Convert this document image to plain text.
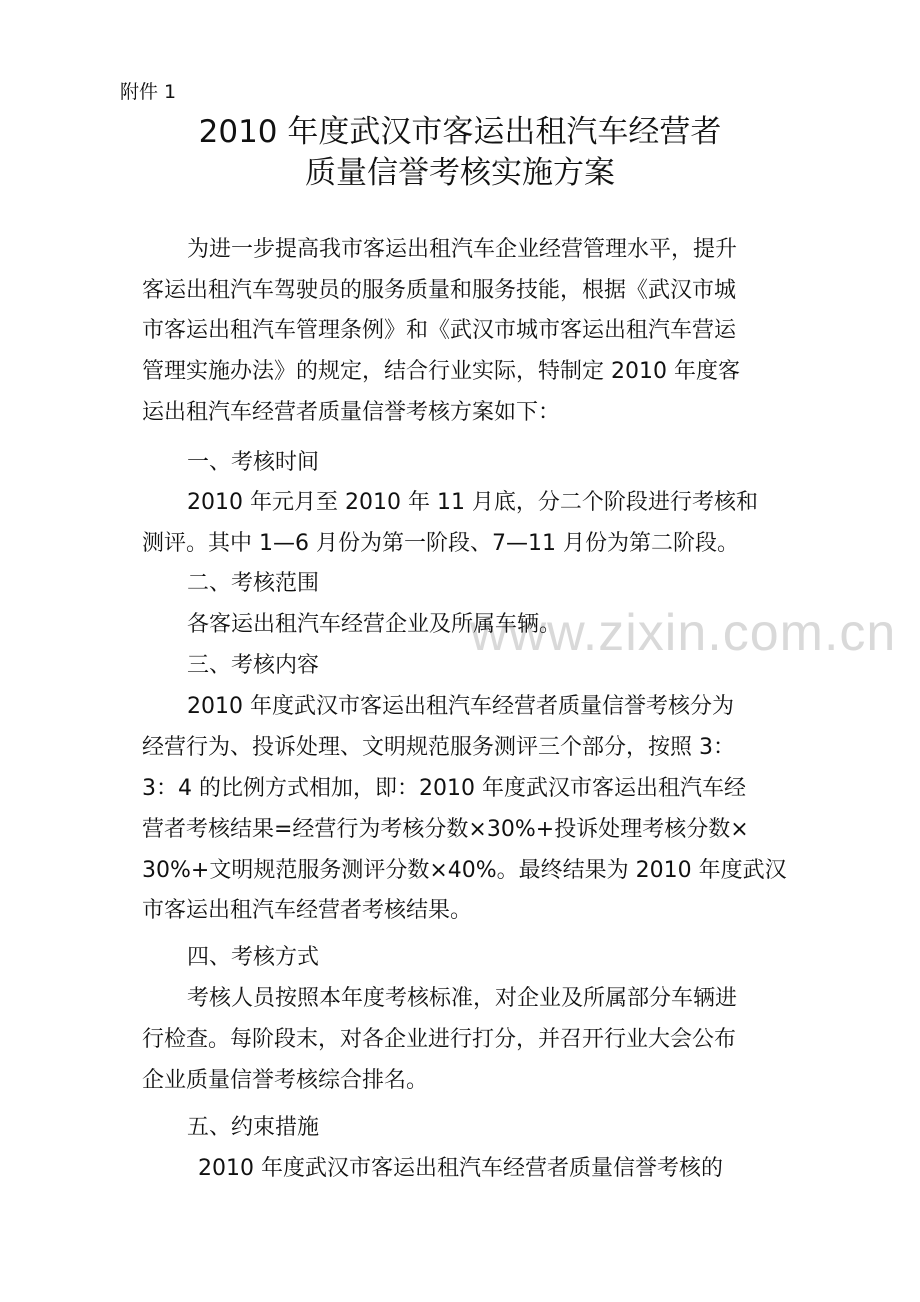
附件 1
2010 年度武汉市客运出租汽车经营者
质量信誉考核实施方案
www.zixin.com.cn
为进一步提高我市客运出租汽车企业经营管理水平，提升
客运出租汽车驾驶员的服务质量和服务技能，根据《武汉市城
市客运出租汽车管理条例》和《武汉市城市客运出租汽车营运
管理实施办法》的规定，结合行业实际，特制定 2010 年度客
运出租汽车经营者质量信誉考核方案如下：
一、考核时间
2010 年元月至 2010 年 11 月底，分二个阶段进行考核和
测评。其中 1—6 月份为第一阶段、7—11 月份为第二阶段。
二、考核范围
各客运出租汽车经营企业及所属车辆。
三、考核内容
2010 年度武汉市客运出租汽车经营者质量信誉考核分为
经营行为、投诉处理、文明规范服务测评三个部分，按照 3：
3：4 的比例方式相加，即：2010 年度武汉市客运出租汽车经
营者考核结果=经营行为考核分数×30%+投诉处理考核分数×
30%+文明规范服务测评分数×40%。最终结果为 2010 年度武汉
市客运出租汽车经营者考核结果。
四、考核方式
考核人员按照本年度考核标准，对企业及所属部分车辆进
行检查。每阶段末，对各企业进行打分，并召开行业大会公布
企业质量信誉考核综合排名。
五、约束措施
2010 年度武汉市客运出租汽车经营者质量信誉考核的
